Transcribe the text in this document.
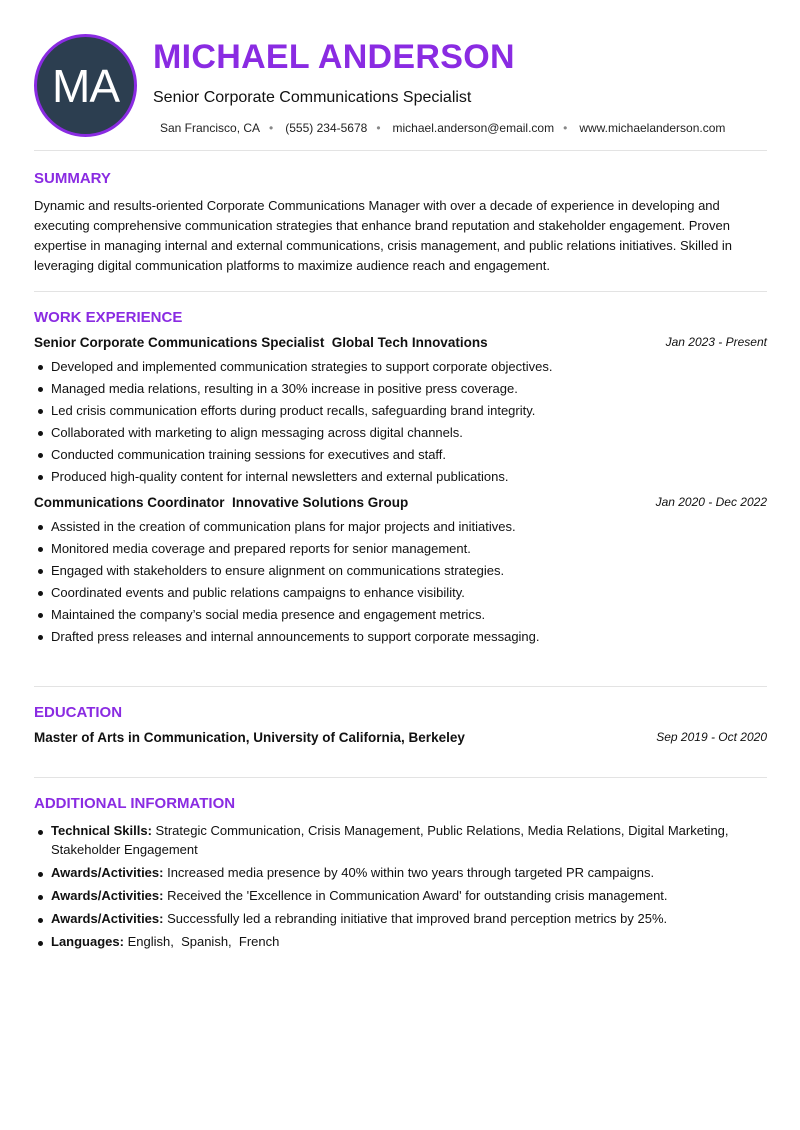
MA
MICHAEL ANDERSON
Senior Corporate Communications Specialist
San Francisco, CA • (555) 234-5678 • michael.anderson@email.com • www.michaelanderson.com
SUMMARY

Dynamic and results-oriented Corporate Communications Manager with over a decade of experience in developing and executing comprehensive communication strategies that enhance brand reputation and stakeholder engagement. Proven expertise in managing internal and external communications, crisis management, and public relations initiatives. Skilled in leveraging digital communication platforms to maximize audience reach and engagement.

WORK EXPERIENCE
Senior Corporate Communications Specialist  Global Tech Innovations	Jan 2023 - Present
Developed and implemented communication strategies to support corporate objectives.
Managed media relations, resulting in a 30% increase in positive press coverage.
Led crisis communication efforts during product recalls, safeguarding brand integrity.
Collaborated with marketing to align messaging across digital channels.
Conducted communication training sessions for executives and staff.
Produced high-quality content for internal newsletters and external publications.
Communications Coordinator  Innovative Solutions Group	Jan 2020 - Dec 2022
Assisted in the creation of communication plans for major projects and initiatives.
Monitored media coverage and prepared reports for senior management.
Engaged with stakeholders to ensure alignment on communications strategies.
Coordinated events and public relations campaigns to enhance visibility.
Maintained the company’s social media presence and engagement metrics.
Drafted press releases and internal announcements to support corporate messaging.
EDUCATION
Master of Arts in Communication, University of California, Berkeley	Sep 2019 - Oct 2020
ADDITIONAL INFORMATION
Technical Skills: Strategic Communication, Crisis Management, Public Relations, Media Relations, Digital Marketing, Stakeholder Engagement
Awards/Activities: Increased media presence by 40% within two years through targeted PR campaigns.
Awards/Activities: Received the 'Excellence in Communication Award' for outstanding crisis management.
Awards/Activities: Successfully led a rebranding initiative that improved brand perception metrics by 25%.
Languages: English,  Spanish,  French
